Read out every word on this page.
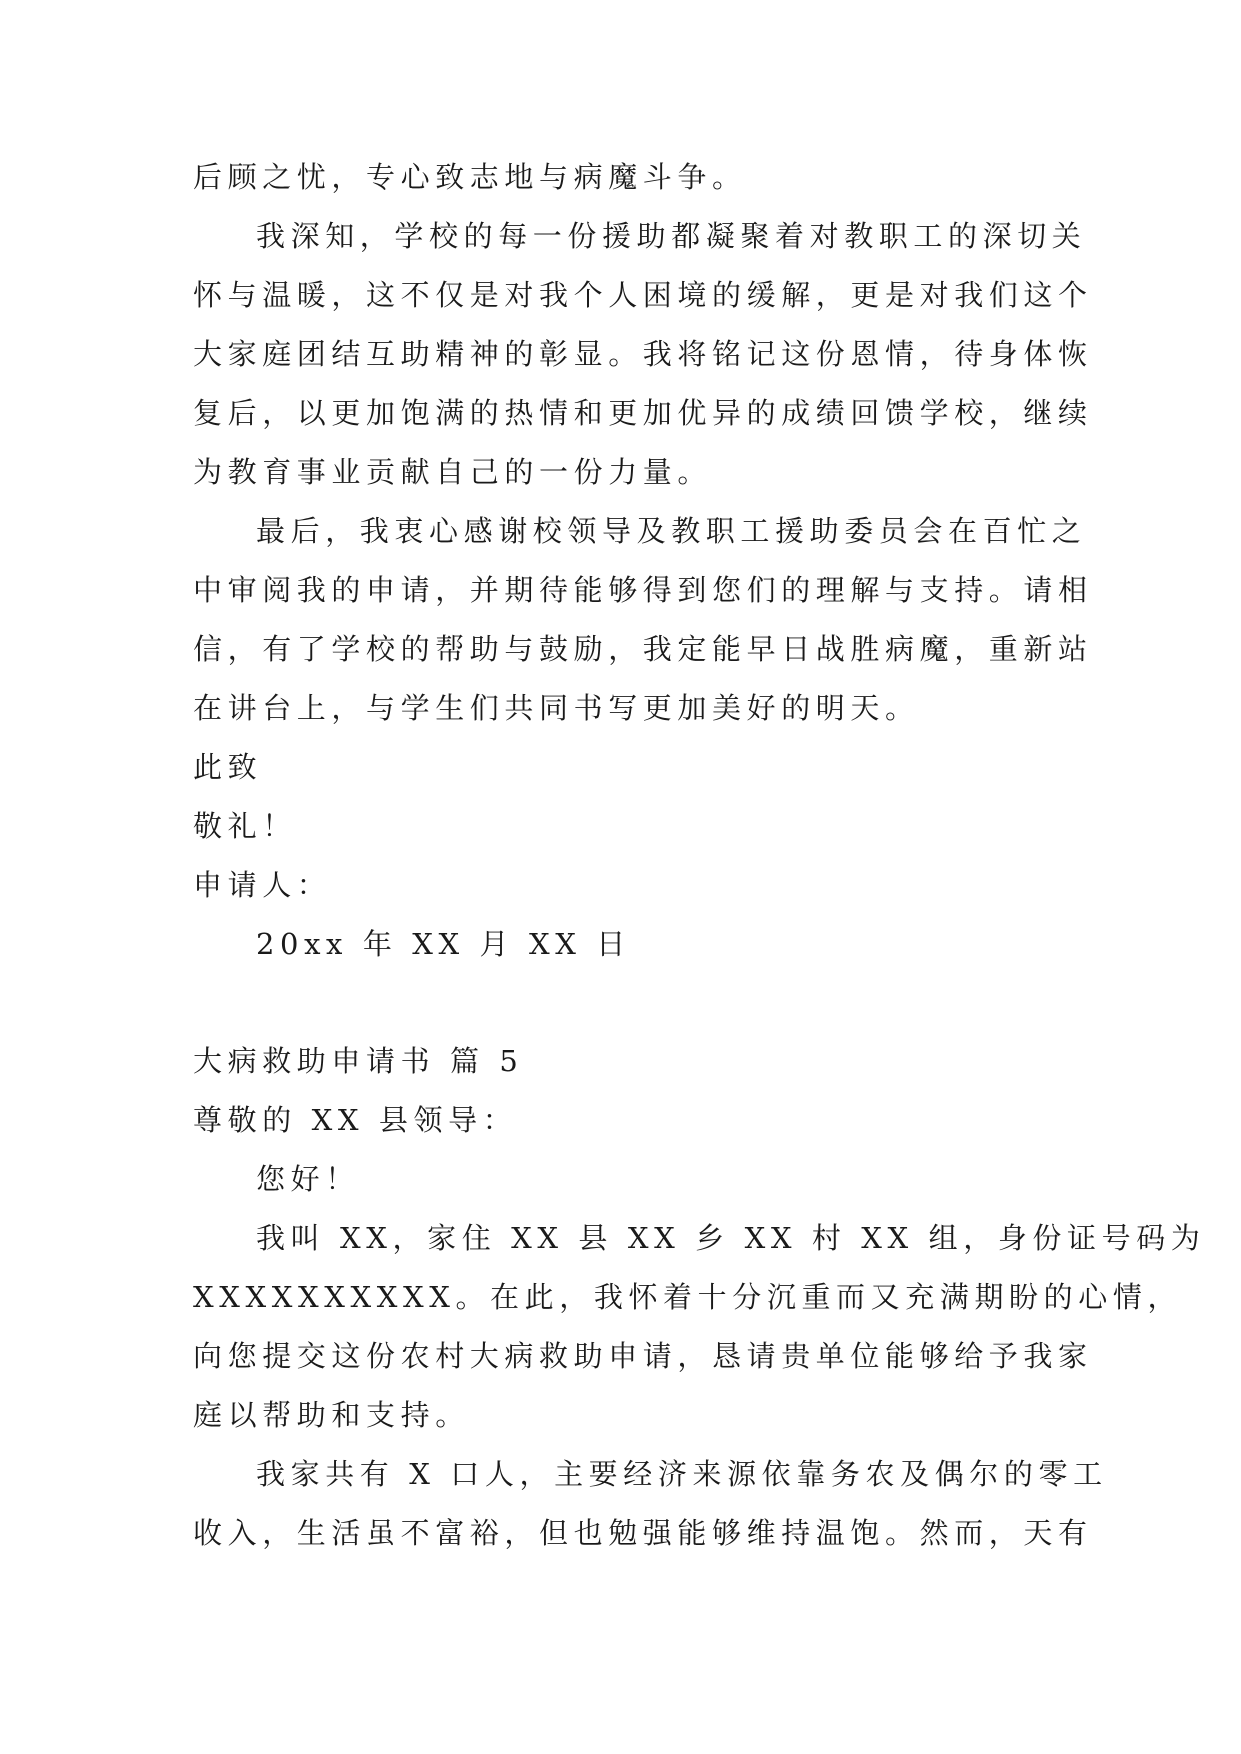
后顾之忧，专心致志地与病魔斗争。
我深知，学校的每一份援助都凝聚着对教职工的深切关
怀与温暖，这不仅是对我个人困境的缓解，更是对我们这个
大家庭团结互助精神的彰显。我将铭记这份恩情，待身体恢
复后，以更加饱满的热情和更加优异的成绩回馈学校，继续
为教育事业贡献自己的一份力量。
最后，我衷心感谢校领导及教职工援助委员会在百忙之
中审阅我的申请，并期待能够得到您们的理解与支持。请相
信，有了学校的帮助与鼓励，我定能早日战胜病魔，重新站
在讲台上，与学生们共同书写更加美好的明天。
此致
敬礼！
申请人：
20xx 年 XX 月 XX 日
大病救助申请书 篇 5
尊敬的 XX 县领导：
您好！
我叫 XX，家住 XX 县 XX 乡 XX 村 XX 组，身份证号码为
XXXXXXXXXX。在此，我怀着十分沉重而又充满期盼的心情，
向您提交这份农村大病救助申请，恳请贵单位能够给予我家
庭以帮助和支持。
我家共有 X 口人，主要经济来源依靠务农及偶尔的零工
收入，生活虽不富裕，但也勉强能够维持温饱。然而，天有
